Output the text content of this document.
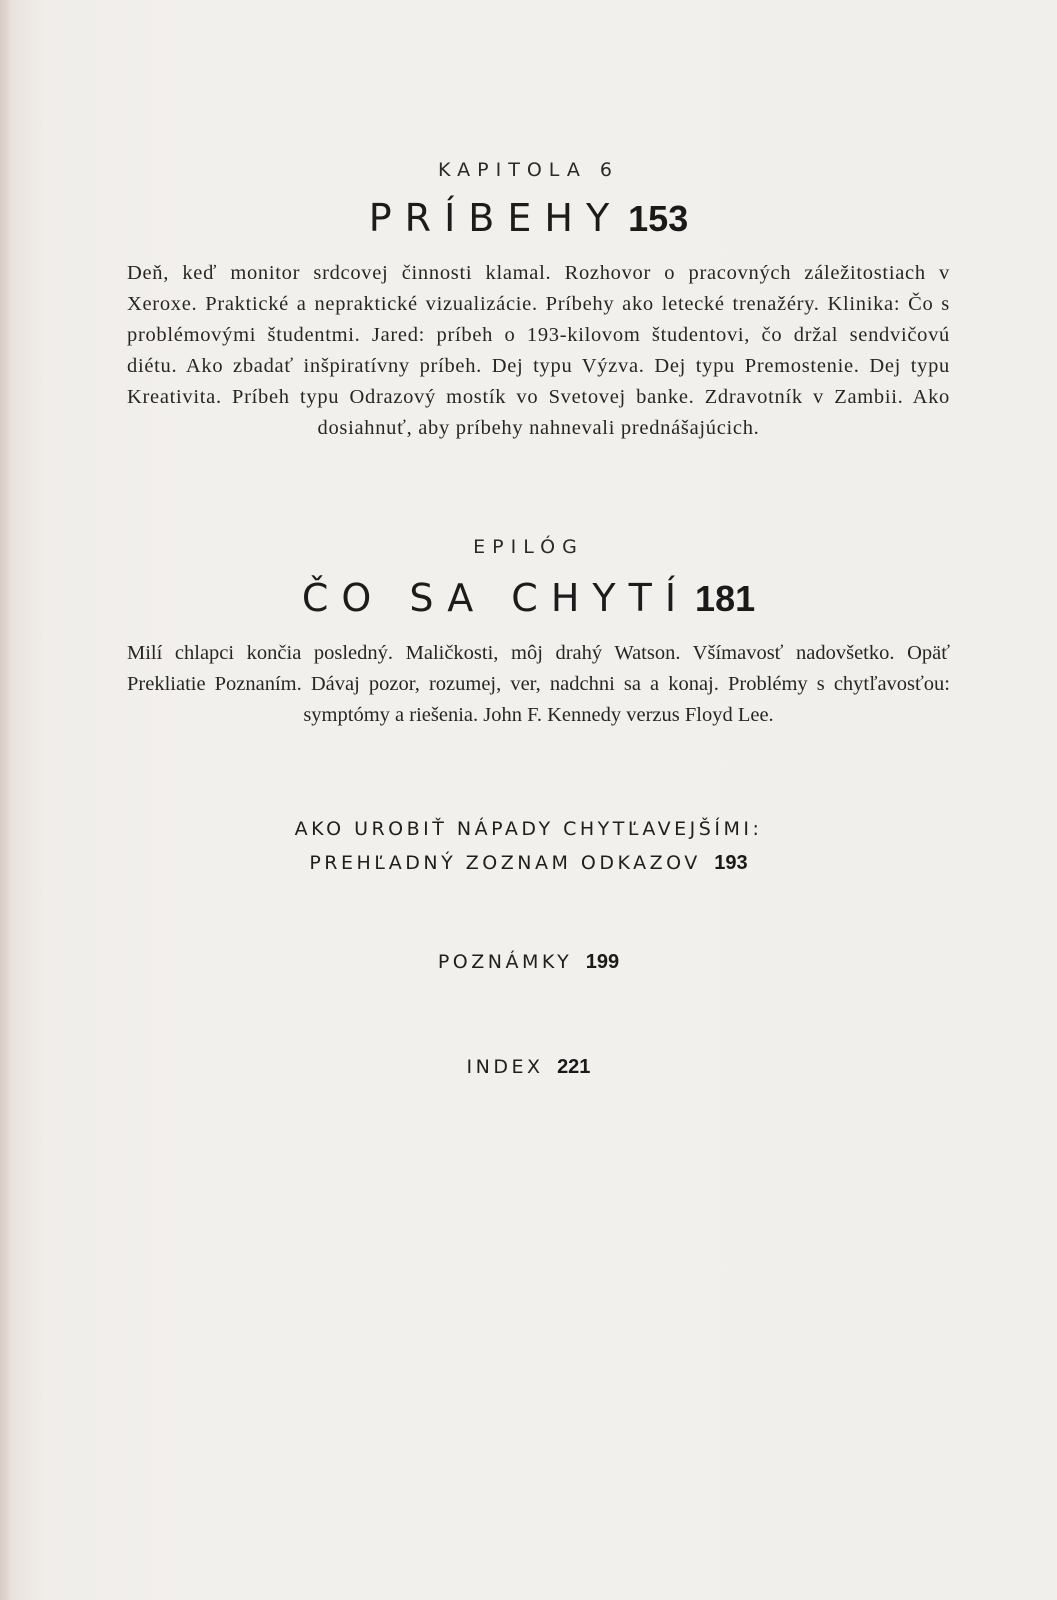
KAPITOLA 6
PRÍBEHY 153
Deň, keď monitor srdcovej činnosti klamal. Rozhovor o pracovných záležitostiach v Xeroxe. Praktické a nepraktické vizualizácie. Príbehy ako letecké trenažéry. Klinika: Čo s problémovými študentmi. Jared: príbeh o 193-kilovom študentovi, čo držal sendvičovú diétu. Ako zbadať inšpiratívny príbeh. Dej typu Výzva. Dej typu Premostenie. Dej typu Kreativita. Príbeh typu Odrazový mostík vo Svetovej banke. Zdravotník v Zambii. Ako dosiahnuť, aby príbehy nahnevali prednášajúcich.
EPILÓG
ČO SA CHYTÍ 181
Milí chlapci končia posledný. Maličkosti, môj drahý Watson. Všímavosť nadovšetko. Opäť Prekliatie Poznaním. Dávaj pozor, rozumej, ver, nadchni sa a konaj. Problémy s chytľavosťou: symptómy a riešenia. John F. Kennedy verzus Floyd Lee.
AKO UROBIŤ NÁPADY CHYTĽAVEJŠÍMI:
PREHĽADNÝ ZOZNAM ODKAZOV 193
POZNÁMKY 199
INDEX 221
